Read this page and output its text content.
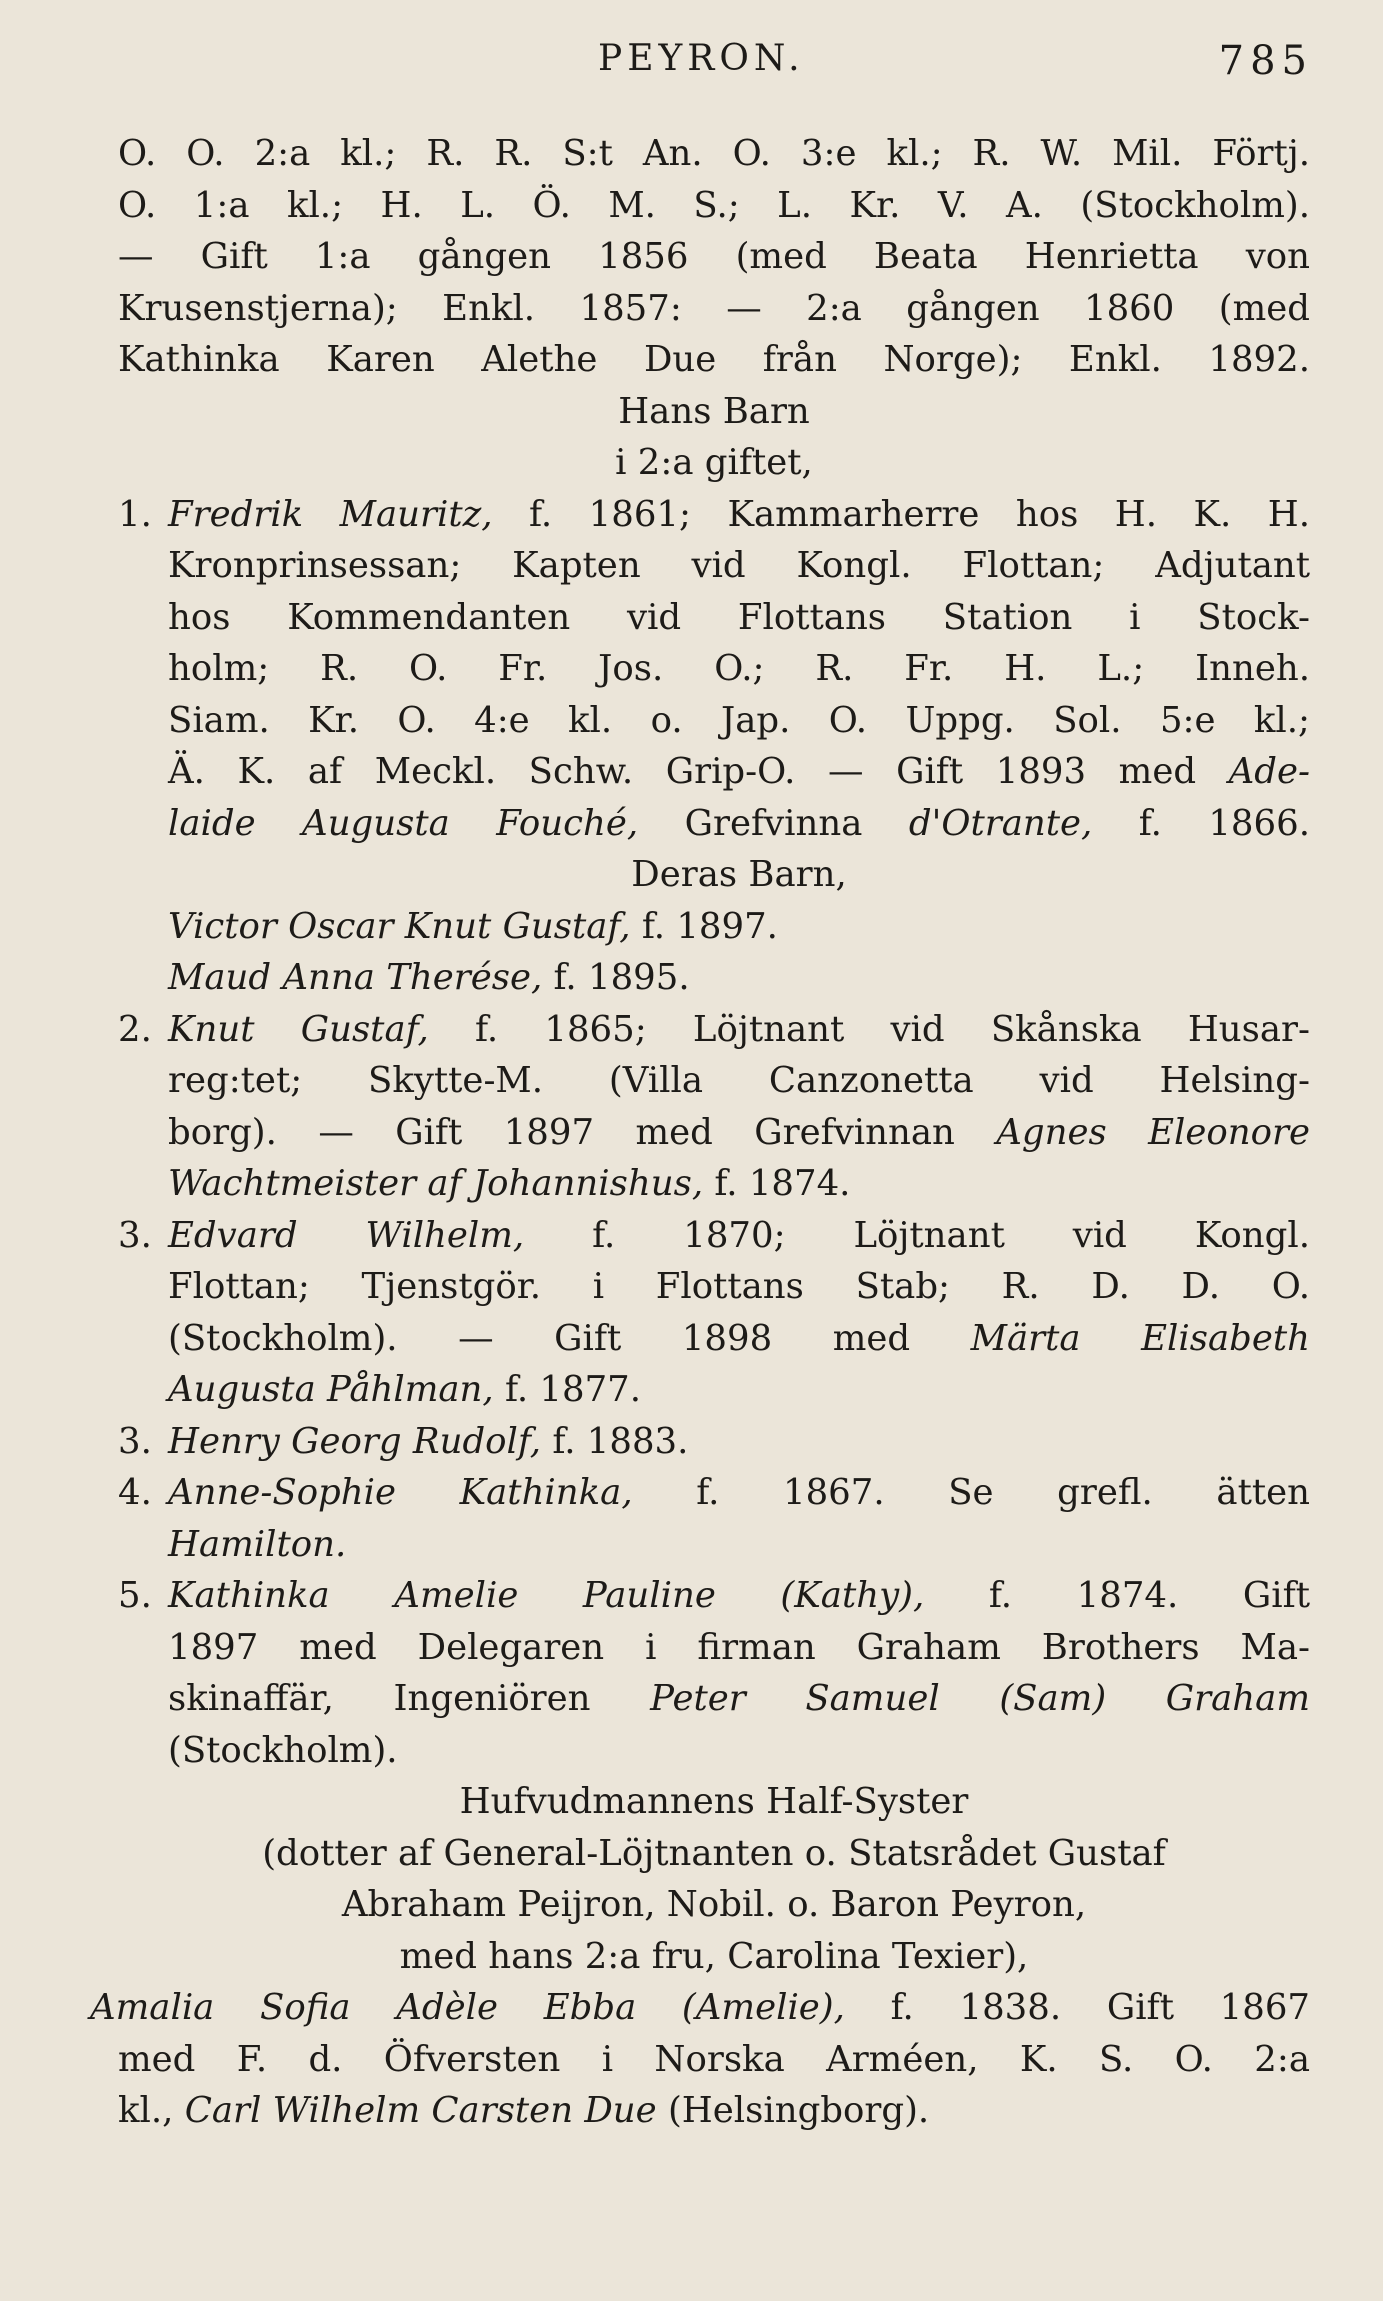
PEYRON.	785
O. O. 2:a kl.; R. R. S:t An. O. 3:e kl.; R. W. Mil. Förtj.
O. 1:a kl.; H. L. Ö. M. S.; L. Kr. V. A. (Stockholm).
— Gift 1:a gången 1856 (med Beata Henrietta von
Krusenstjerna); Enkl. 1857: — 2:a gången 1860 (med
Kathinka Karen Alethe Due från Norge); Enkl. 1892.
Hans Barn
i 2:a giftet,
1.Fredrik Mauritz, f. 1861; Kammarherre hos H. K. H.
Kronprinsessan; Kapten vid Kongl. Flottan; Adjutant
hos Kommendanten vid Flottans Station i Stock-
holm; R. O. Fr. Jos. O.; R. Fr. H. L.; Inneh.
Siam. Kr. O. 4:e kl. o. Jap. O. Uppg. Sol. 5:e kl.;
Ä. K. af Meckl. Schw. Grip-O. — Gift 1893 med Ade-
laide Augusta Fouché, Grefvinna d'Otrante, f. 1866.
Deras Barn,
Victor Oscar Knut Gustaf, f. 1897.
Maud Anna Therése, f. 1895.
2.Knut Gustaf, f. 1865; Löjtnant vid Skånska Husar-
reg:tet; Skytte-M. (Villa Canzonetta vid Helsing-
borg). — Gift 1897 med Grefvinnan Agnes Eleonore
Wachtmeister af Johannishus, f. 1874.
3.Edvard Wilhelm, f. 1870; Löjtnant vid Kongl.
Flottan; Tjenstgör. i Flottans Stab; R. D. D. O.
(Stockholm). — Gift 1898 med Märta Elisabeth
Augusta Påhlman, f. 1877.
3.Henry Georg Rudolf, f. 1883.
4.Anne-Sophie Kathinka, f. 1867. Se grefl. ätten
Hamilton.
5.Kathinka Amelie Pauline (Kathy), f. 1874. Gift
1897 med Delegaren i firman Graham Brothers Ma-
skinaffär, Ingeniören Peter Samuel (Sam) Graham
(Stockholm).
Hufvudmannens Half-Syster
(dotter af General-Löjtnanten o. Statsrådet Gustaf
Abraham Peijron, Nobil. o. Baron Peyron,
med hans 2:a fru, Carolina Texier),
Amalia Sofia Adèle Ebba (Amelie), f. 1838. Gift 1867
med F. d. Öfversten i Norska Arméen, K. S. O. 2:a
kl., Carl Wilhelm Carsten Due (Helsingborg).
